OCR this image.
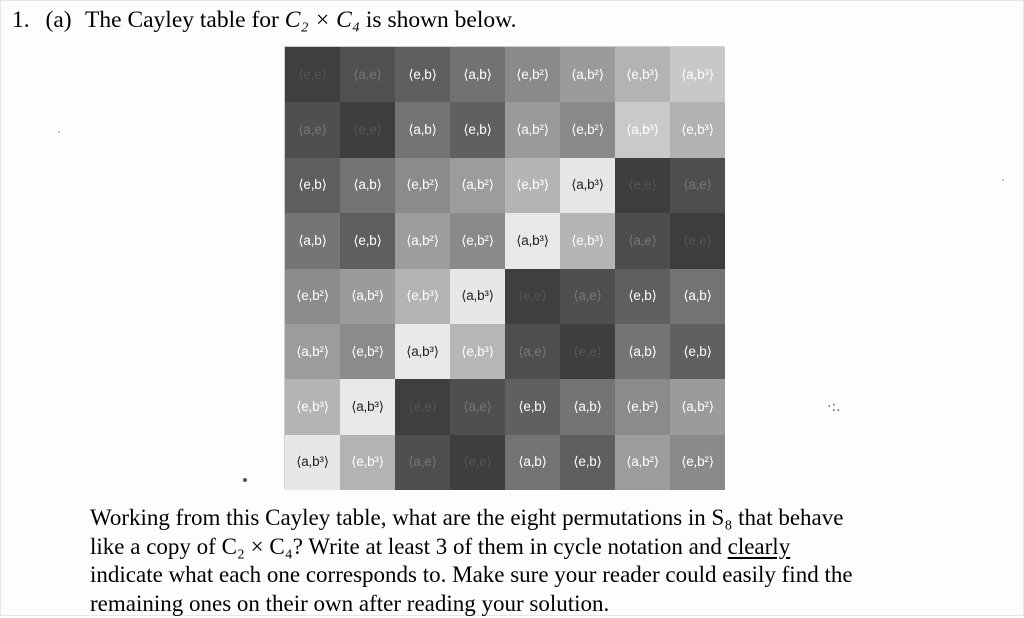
1. (a) The Cayley table for C₂ × C₄ is shown below.
⟨e,e⟩	⟨a,e⟩	⟨e,b⟩	⟨a,b⟩	⟨e,b²⟩	⟨a,b²⟩	⟨e,b³⟩	⟨a,b³⟩
⟨a,e⟩	⟨e,e⟩	⟨a,b⟩	⟨e,b⟩	⟨a,b²⟩	⟨e,b²⟩	⟨a,b³⟩	⟨e,b³⟩
⟨e,b⟩	⟨a,b⟩	⟨e,b²⟩	⟨a,b²⟩	⟨e,b³⟩	⟨a,b³⟩	⟨e,e⟩	⟨a,e⟩
⟨a,b⟩	⟨e,b⟩	⟨a,b²⟩	⟨e,b²⟩	⟨a,b³⟩	⟨e,b³⟩	⟨a,e⟩	⟨e,e⟩
⟨e,b²⟩	⟨a,b²⟩	⟨e,b³⟩	⟨a,b³⟩	⟨e,e⟩	⟨a,e⟩	⟨e,b⟩	⟨a,b⟩
⟨a,b²⟩	⟨e,b²⟩	⟨a,b³⟩	⟨e,b³⟩	⟨a,e⟩	⟨e,e⟩	⟨a,b⟩	⟨e,b⟩
⟨e,b³⟩	⟨a,b³⟩	⟨e,e⟩	⟨a,e⟩	⟨e,b⟩	⟨a,b⟩	⟨e,b²⟩	⟨a,b²⟩
⟨a,b³⟩	⟨e,b³⟩	⟨a,e⟩	⟨e,e⟩	⟨a,b⟩	⟨e,b⟩	⟨a,b²⟩	⟨e,b²⟩
Working from this Cayley table, what are the eight permutations in S₈ that behave
like a copy of C₂ × C₄? Write at least 3 of them in cycle notation and clearly
indicate what each one corresponds to. Make sure your reader could easily find the
remaining ones on their own after reading your solution.
·:.
